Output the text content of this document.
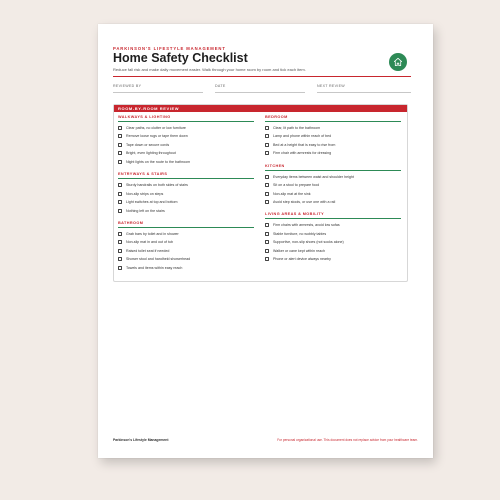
PARKINSON'S LIFESTYLE MANAGEMENT
Home Safety Checklist
Reduce fall risk and make daily movement easier. Walk through your home room by room and tick each item.
REVIEWED BY	DATE	NEXT REVIEW
ROOM-BY-ROOM REVIEW
WALKWAYS & LIGHTING
Clear paths, no clutter or low furniture
Remove loose rugs or tape them down
Tape down or secure cords
Bright, even lighting throughout
Night lights on the route to the bathroom
ENTRYWAYS & STAIRS
Sturdy handrails on both sides of stairs
Non-slip strips on steps
Light switches at top and bottom
Nothing left on the stairs
BATHROOM
Grab bars by toilet and in shower
Non-slip mat in and out of tub
Raised toilet seat if needed
Shower stool and handheld showerhead
Towels and items within easy reach
BEDROOM
Clear, lit path to the bathroom
Lamp and phone within reach of bed
Bed at a height that is easy to rise from
Firm chair with armrests for dressing
KITCHEN
Everyday items between waist and shoulder height
Sit on a stool to prepare food
Non-slip mat at the sink
Avoid step stools, or use one with a rail
LIVING AREAS & MOBILITY
Firm chairs with armrests, avoid low sofas
Stable furniture, no wobbly tables
Supportive, non-slip shoes (not socks alone)
Walker or cane kept within reach
Phone or alert device always nearby
Parkinson's Lifestyle Management	For personal organizational use. This document does not replace advice from your healthcare team.
